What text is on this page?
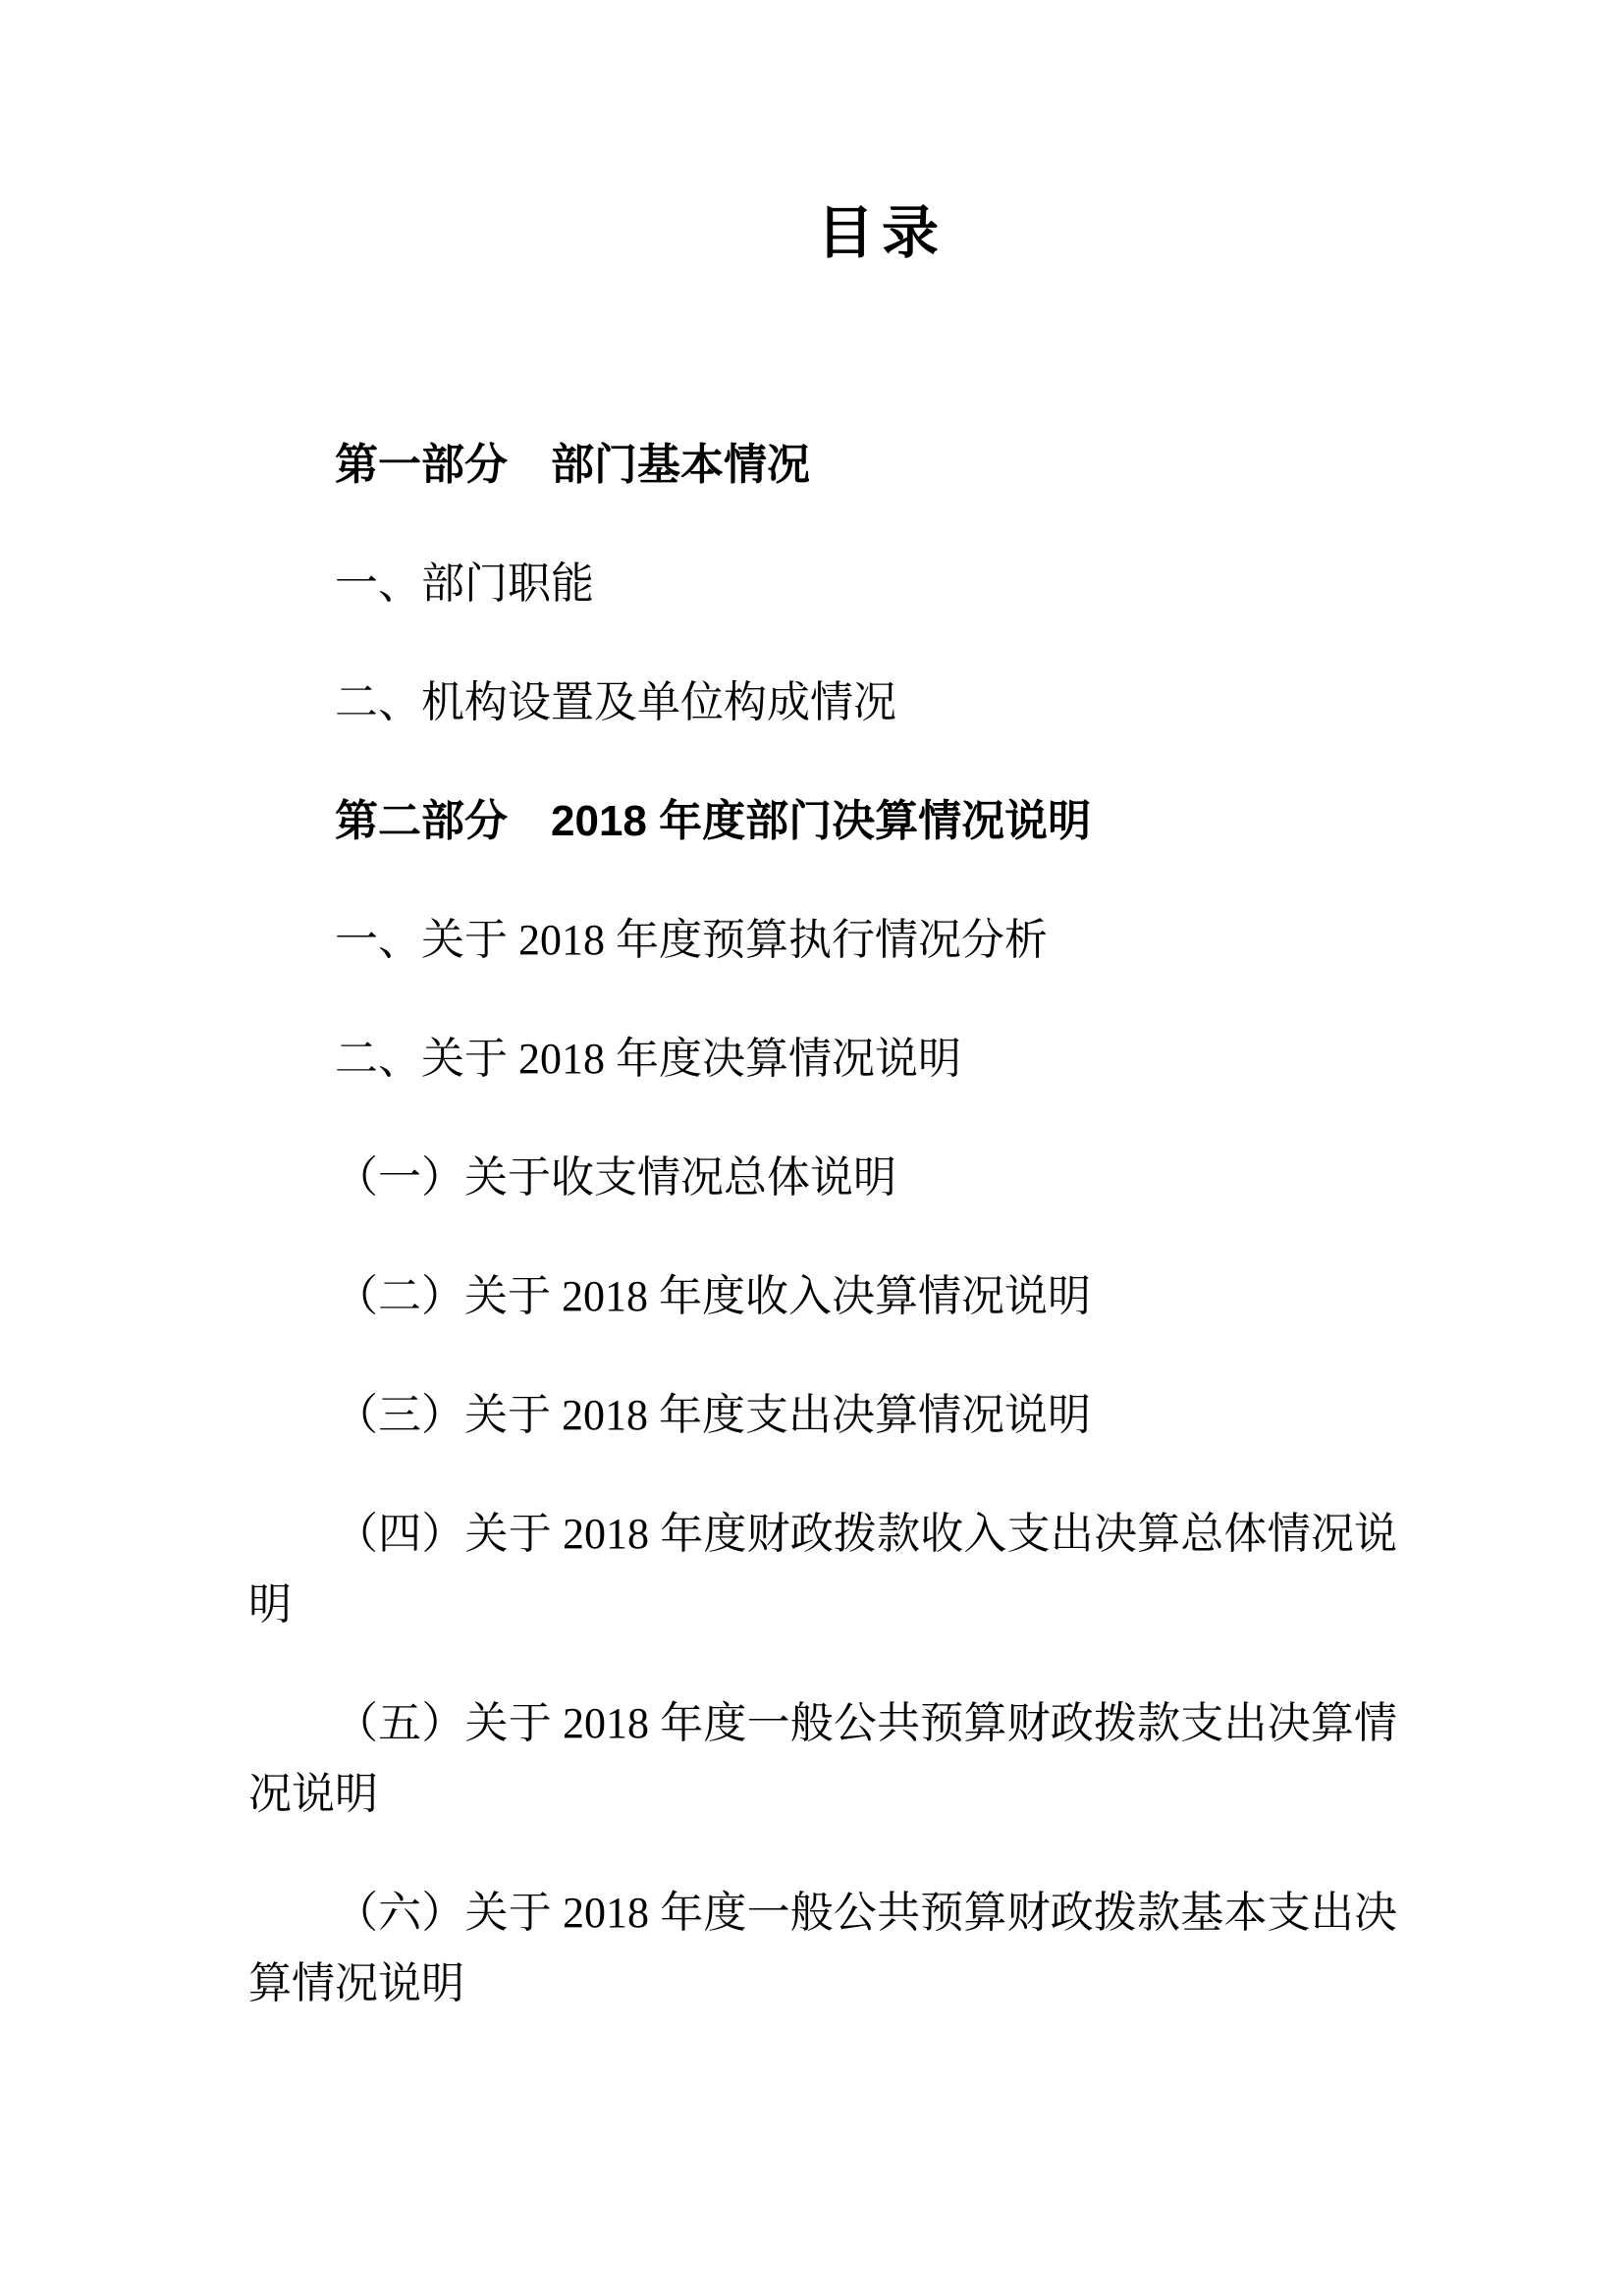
目录

第一部分　部门基本情况

一、部门职能

二、机构设置及单位构成情况

第二部分　2018 年度部门决算情况说明

一、关于 2018 年度预算执行情况分析

二、关于 2018 年度决算情况说明

（一）关于收支情况总体说明

（二）关于 2018 年度收入决算情况说明

（三）关于 2018 年度支出决算情况说明

（四）关于 2018 年度财政拨款收入支出决算总体情况说明

（五）关于 2018 年度一般公共预算财政拨款支出决算情况说明

（六）关于 2018 年度一般公共预算财政拨款基本支出决算情况说明
